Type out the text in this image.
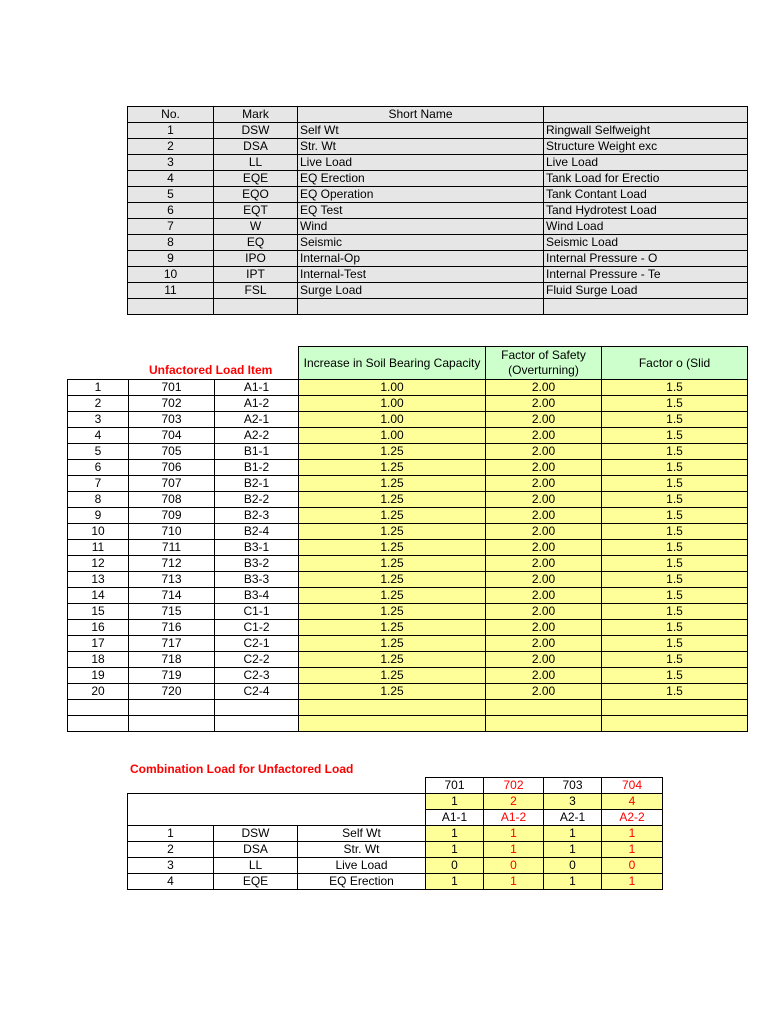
No.	Mark	Short Name	
1	DSW	Self Wt	Ringwall Selfweight
2	DSA	Str. Wt	Structure Weight exc
3	LL	Live Load	Live Load
4	EQE	EQ Erection	Tank Load for Erectio
5	EQO	EQ Operation	Tank Contant Load
6	EQT	EQ Test	Tand Hydrotest Load
7	W	Wind	Wind Load
8	EQ	Seismic	Seismic Load
9	IPO	Internal-Op	Internal Pressure - O
10	IPT	Internal-Test	Internal Pressure - Te
11	FSL	Surge Load	Fluid Surge Load

Unfactored Load Item
			Increase in Soil Bearing Capacity	Factor of Safety (Overturning)	Factor o (Slid
1	701	A1-1	1.00	2.00	1.5
2	702	A1-2	1.00	2.00	1.5
3	703	A2-1	1.00	2.00	1.5
4	704	A2-2	1.00	2.00	1.5
5	705	B1-1	1.25	2.00	1.5
6	706	B1-2	1.25	2.00	1.5
7	707	B2-1	1.25	2.00	1.5
8	708	B2-2	1.25	2.00	1.5
9	709	B2-3	1.25	2.00	1.5
10	710	B2-4	1.25	2.00	1.5
11	711	B3-1	1.25	2.00	1.5
12	712	B3-2	1.25	2.00	1.5
13	713	B3-3	1.25	2.00	1.5
14	714	B3-4	1.25	2.00	1.5
15	715	C1-1	1.25	2.00	1.5
16	716	C1-2	1.25	2.00	1.5
17	717	C2-1	1.25	2.00	1.5
18	718	C2-2	1.25	2.00	1.5
19	719	C2-3	1.25	2.00	1.5
20	720	C2-4	1.25	2.00	1.5

Combination Load for Unfactored Load
			701	702	703	704
			1	2	3	4
			A1-1	A1-2	A2-1	A2-2
1	DSW	Self Wt	1	1	1	1
2	DSA	Str. Wt	1	1	1	1
3	LL	Live Load	0	0	0	0
4	EQE	EQ Erection	1	1	1	1
